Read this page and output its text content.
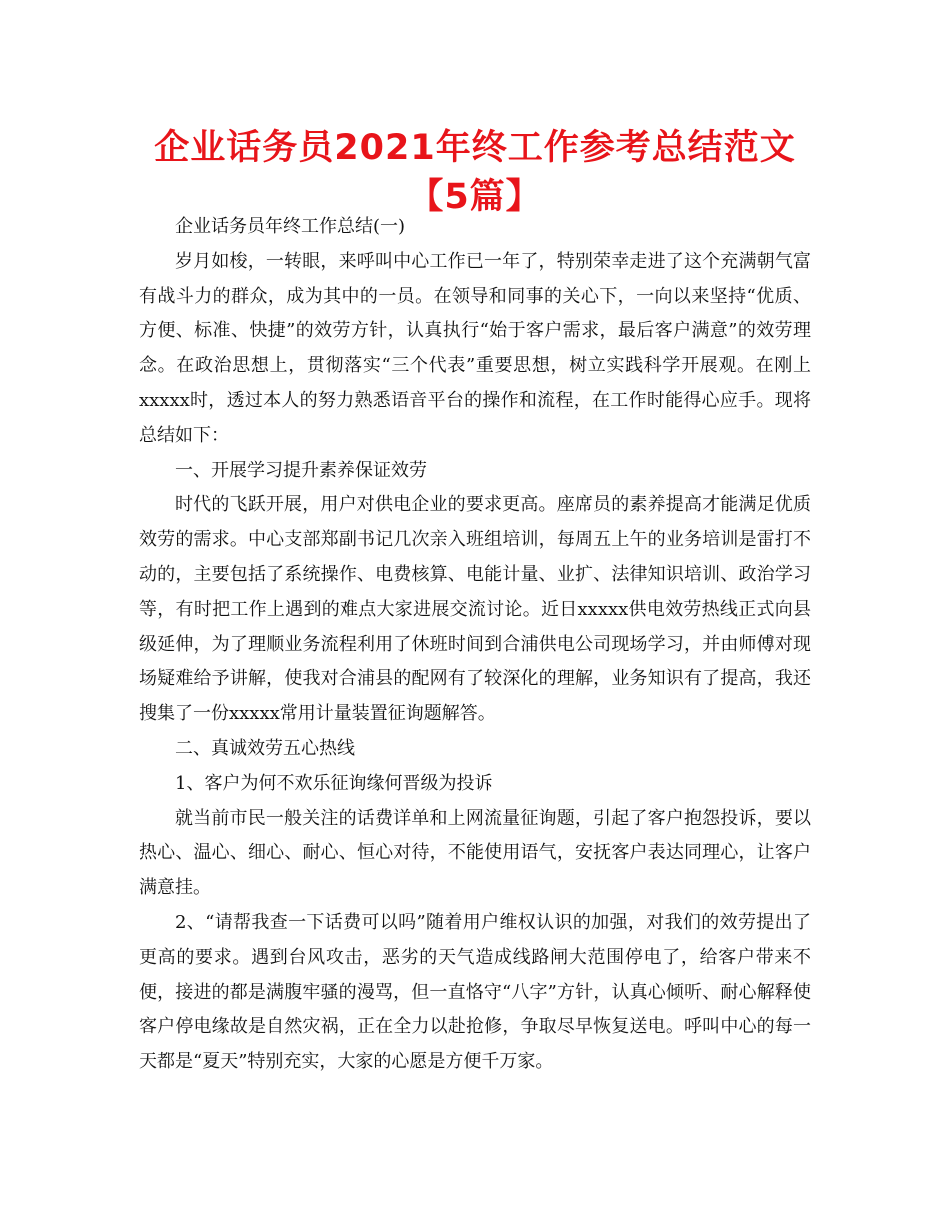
企业话务员2021年终工作参考总结范文【5篇】

企业话务员年终工作总结(一)

岁月如梭，一转眼，来呼叫中心工作已一年了，特别荣幸走进了这个充满朝气富有战斗力的群众，成为其中的一员。在领导和同事的关心下，一向以来坚持“优质、方便、标准、快捷”的效劳方针，认真执行“始于客户需求，最后客户满意”的效劳理念。在政治思想上，贯彻落实“三个代表”重要思想，树立实践科学开展观。在刚上xxxxx时，透过本人的努力熟悉语音平台的操作和流程，在工作时能得心应手。现将总结如下：

一、开展学习提升素养保证效劳

时代的飞跃开展，用户对供电企业的要求更高。座席员的素养提高才能满足优质效劳的需求。中心支部郑副书记几次亲入班组培训，每周五上午的业务培训是雷打不动的，主要包括了系统操作、电费核算、电能计量、业扩、法律知识培训、政治学习等，有时把工作上遇到的难点大家进展交流讨论。近日xxxxx供电效劳热线正式向县级延伸，为了理顺业务流程利用了休班时间到合浦供电公司现场学习，并由师傅对现场疑难给予讲解，使我对合浦县的配网有了较深化的理解，业务知识有了提高，我还搜集了一份xxxxx常用计量装置征询题解答。

二、真诚效劳五心热线

1、客户为何不欢乐征询缘何晋级为投诉

就当前市民一般关注的话费详单和上网流量征询题，引起了客户抱怨投诉，要以热心、温心、细心、耐心、恒心对待，不能使用语气，安抚客户表达同理心，让客户满意挂。

2、“请帮我查一下话费可以吗”随着用户维权认识的加强，对我们的效劳提出了更高的要求。遇到台风攻击，恶劣的天气造成线路闸大范围停电了，给客户带来不便，接进的都是满腹牢骚的漫骂，但一直恪守“八字”方针，认真心倾听、耐心解释使客户停电缘故是自然灾祸，正在全力以赴抢修，争取尽早恢复送电。呼叫中心的每一天都是“夏天”特别充实，大家的心愿是方便千万家。
